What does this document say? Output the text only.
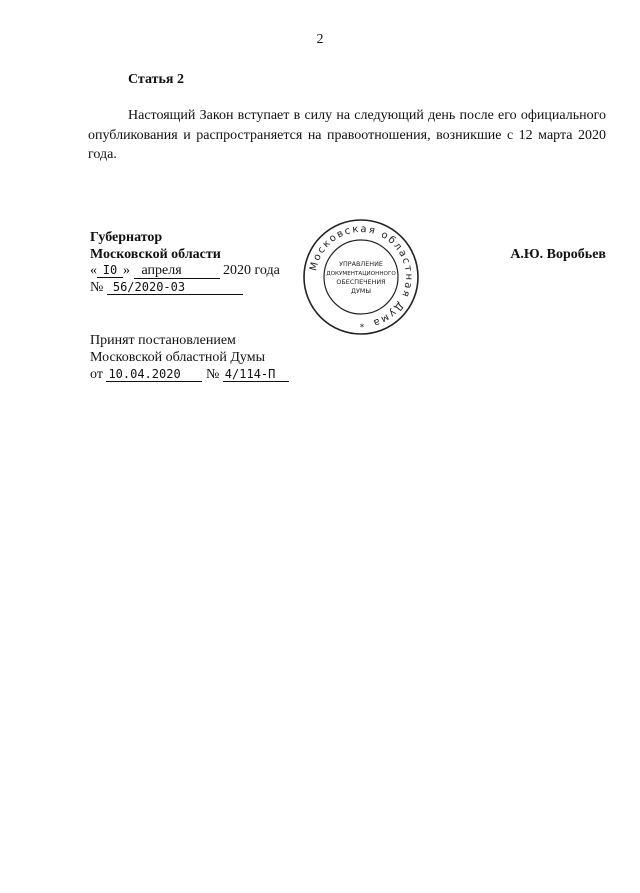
2
Статья 2

Настоящий Закон вступает в силу на следующий день после его официального опубликования и распространяется на правоотношения, возникшие с 12 марта 2020 года.

Губернатор
Московской области
« I0 » апреля	2020 года
№ 56/2020-03
А.Ю. Воробьев
Московская областная Дума
УПРАВЛЕНИЕ
ДОКУМЕНТАЦИОННОГО
ОБЕСПЕЧЕНИЯ
ДУМЫ
*
Принят постановлением
Московской областной Думы
от 10.04.2020 № 4/114-П
